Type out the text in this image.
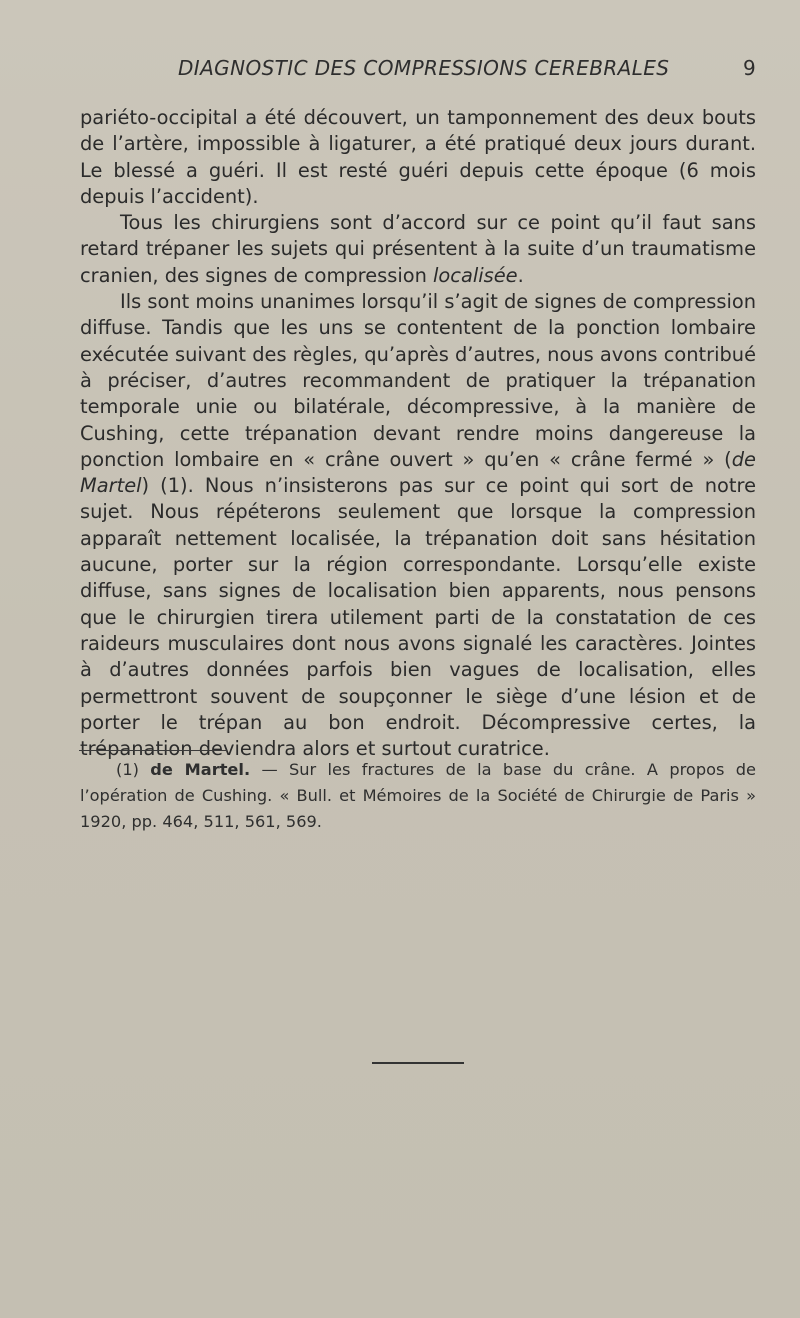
DIAGNOSTIC DES COMPRESSIONS CEREBRALES	9

pariéto-occipital a été découvert, un tamponnement des deux bouts de l’artère, impossible à ligaturer, a été pratiqué deux jours durant. Le blessé a guéri. Il est resté guéri depuis cette époque (6 mois depuis l’accident).

Tous les chirurgiens sont d’accord sur ce point qu’il faut sans retard trépaner les sujets qui présentent à la suite d’un traumatisme cranien, des signes de compression localisée.

Ils sont moins unanimes lorsqu’il s’agit de signes de compression diffuse. Tandis que les uns se contentent de la ponction lombaire exécutée suivant des règles, qu’après d’autres, nous avons contribué à préciser, d’autres recommandent de pratiquer la trépanation temporale unie ou bilatérale, décompressive, à la manière de Cushing, cette trépanation devant rendre moins dangereuse la ponction lombaire en « crâne ouvert » qu’en « crâne fermé » (de Martel) (1). Nous n’insisterons pas sur ce point qui sort de notre sujet. Nous répéterons seulement que lorsque la compression apparaît nettement localisée, la trépanation doit sans hésitation aucune, porter sur la région correspondante. Lorsqu’elle existe diffuse, sans signes de localisation bien apparents, nous pensons que le chirurgien tirera utilement parti de la constatation de ces raideurs musculaires dont nous avons signalé les caractères. Jointes à d’autres données parfois bien vagues de localisation, elles permettront souvent de soupçonner le siège d’une lésion et de porter le trépan au bon endroit. Décompressive certes, la trépanation deviendra alors et surtout curatrice.

(1) de Martel. — Sur les fractures de la base du crâne. A propos de l’opération de Cushing. « Bull. et Mémoires de la Société de Chirurgie de Paris » 1920, pp. 464, 511, 561, 569.
